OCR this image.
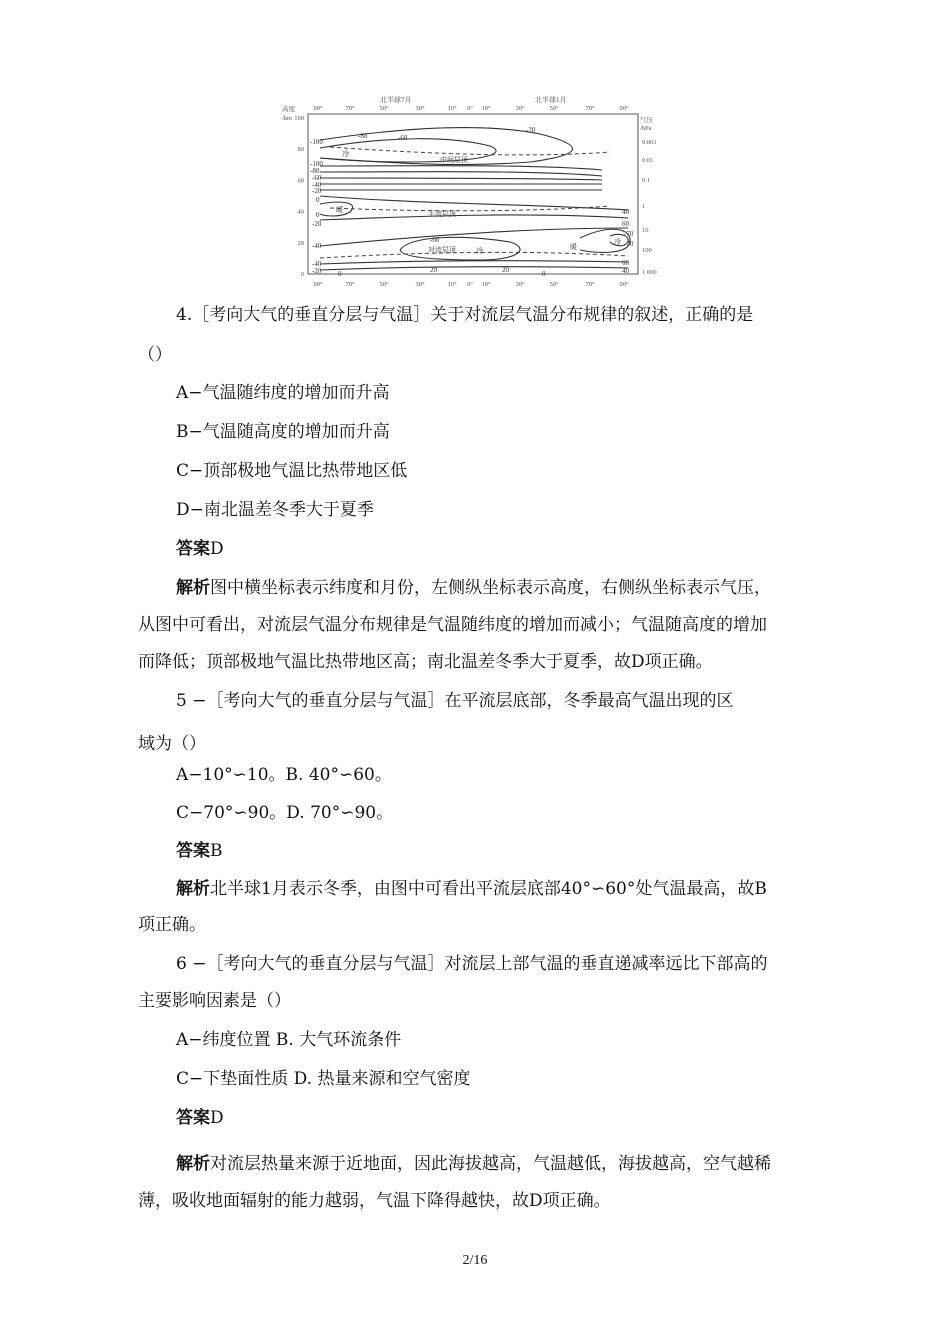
北半球7月	北半球1月
高度
/km	气压
/hPa
90°	70°	50°	30°	10° 0° 10°	30°	50°	70°	90°
90°	70°	50°	30°	10° 0° 10°	30°	50°	70°	90°
100
80
60
40
20
0
0.001
0.01
0.1
1
10
100
1 000
-100
-100
-80
-60
-40
-20
0
0
-20
-40
-40
-20
-80	-60
-20
40
60
-70
-70
60
40
0	20	20	0
-60
冷
中间层顶
暖	平流层顶
对流层顶	冷	暖
冷
4.［考向大气的垂直分层与气温］关于对流层气温分布规律的叙述，正确的是
（）
A−气温随纬度的增加而升高
B−气温随高度的增加而升高
C−顶部极地气温比热带地区低
D−南北温差冬季大于夏季
答案D
解析图中横坐标表示纬度和月份，左侧纵坐标表示高度，右侧纵坐标表示气压，
从图中可看出，对流层气温分布规律是气温随纬度的增加而减小；气温随高度的增加
而降低；顶部极地气温比热带地区高；南北温差冬季大于夏季，故D项正确。
5 −［考向大气的垂直分层与气温］在平流层底部，冬季最高气温出现的区
域为（）
A−10°∽10。B. 40°∽60。
C−70°∽90。D. 70°∽90。
答案B
解析北半球1月表示冬季，由图中可看出平流层底部40°∽60°处气温最高，故B
项正确。
6 −［考向大气的垂直分层与气温］对流层上部气温的垂直递减率远比下部高的
主要影响因素是（）
A−纬度位置 B. 大气环流条件
C−下垫面性质 D. 热量来源和空气密度
答案D
解析对流层热量来源于近地面，因此海拔越高，气温越低，海拔越高，空气越稀
薄，吸收地面辐射的能力越弱，气温下降得越快，故D项正确。
2/16
